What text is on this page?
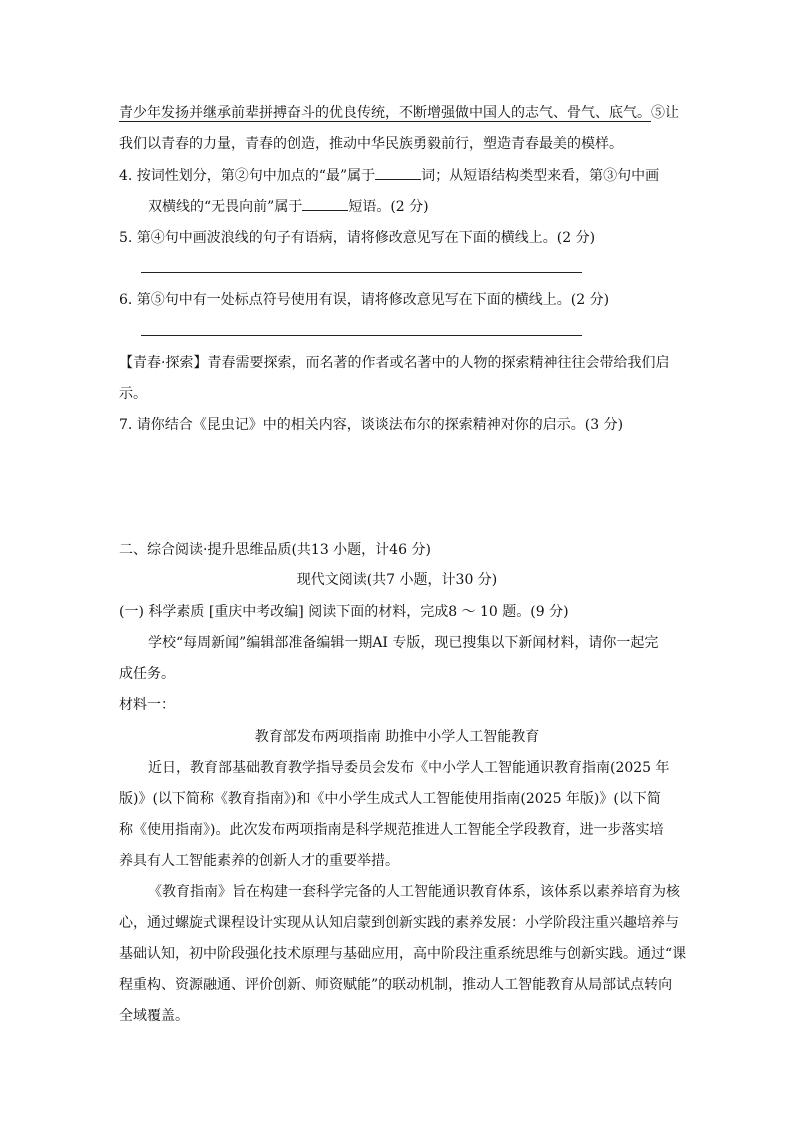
青少年发扬并继承前辈拼搏奋斗的优良传统，不断增强做中国人的志气、骨气、底气。⑤让
我们以青春的力量，青春的创造，推动中华民族勇毅前行，塑造青春最美的模样。
4. 按词性划分，第②句中加点的“最”属于	词；从短语结构类型来看，第③句中画
双横线的“无畏向前”属于	短语。(2 分)
5. 第④句中画波浪线的句子有语病，请将修改意见写在下面的横线上。(2 分)
6. 第⑤句中有一处标点符号使用有误，请将修改意见写在下面的横线上。(2 分)
【青春·探索】青春需要探索，而名著的作者或名著中的人物的探索精神往往会带给我们启
示。
7. 请你结合《昆虫记》中的相关内容，谈谈法布尔的探索精神对你的启示。(3 分)
二、综合阅读·提升思维品质(共13 小题，计46 分)
现代文阅读(共7 小题，计30 分)
(一) 科学素质 [重庆中考改编] 阅读下面的材料，完成8 ～ 10 题。(9 分)
学校“每周新闻”编辑部准备编辑一期AI 专版，现已搜集以下新闻材料，请你一起完
成任务。
材料一：
教育部发布两项指南 助推中小学人工智能教育
近日，教育部基础教育教学指导委员会发布《中小学人工智能通识教育指南(2025 年
版)》(以下简称《教育指南》)和《中小学生成式人工智能使用指南(2025 年版)》(以下简
称《使用指南》)。此次发布两项指南是科学规范推进人工智能全学段教育，进一步落实培
养具有人工智能素养的创新人才的重要举措。
《教育指南》旨在构建一套科学完备的人工智能通识教育体系，该体系以素养培育为核
心，通过螺旋式课程设计实现从认知启蒙到创新实践的素养发展：小学阶段注重兴趣培养与
基础认知，初中阶段强化技术原理与基础应用，高中阶段注重系统思维与创新实践。通过“课
程重构、资源融通、评价创新、师资赋能”的联动机制，推动人工智能教育从局部试点转向
全域覆盖。
